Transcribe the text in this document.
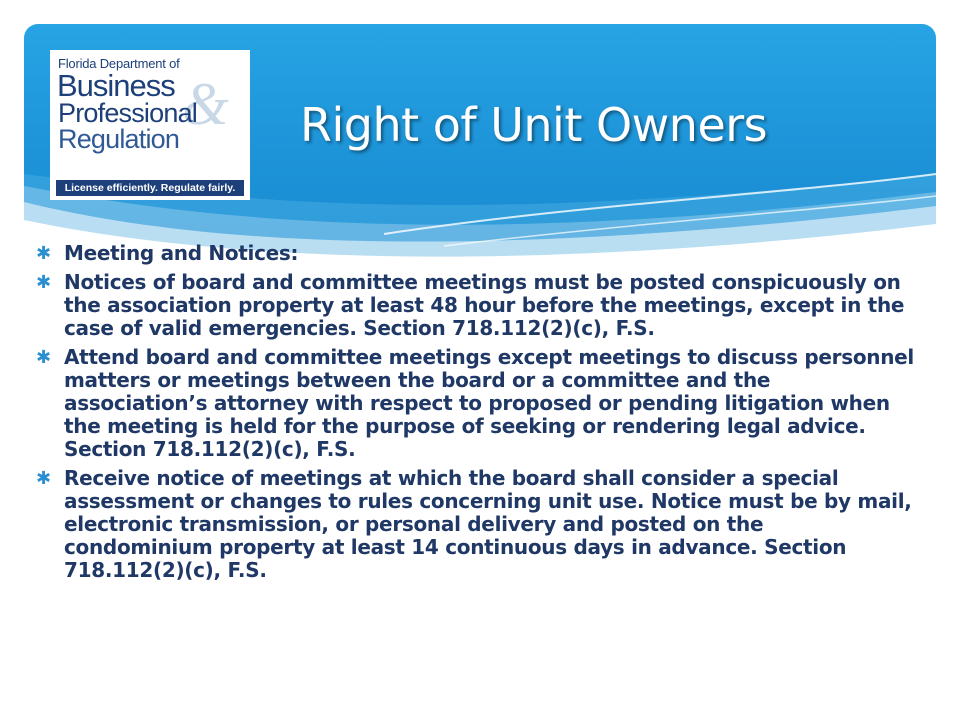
&
Florida Department of
Business
Professional
Regulation
License efficiently. Regulate fairly.
Right of Unit Owners
✱ Meeting and Notices:
✱ Notices of board and committee meetings must be posted conspicuously on the association property at least 48 hour before the meetings, except in the case of valid emergencies. Section 718.112(2)(c), F.S.
✱ Attend board and committee meetings except meetings to discuss personnel matters or meetings between the board or a committee and the association’s attorney with respect to proposed or pending litigation when the meeting is held for the purpose of seeking or rendering legal advice. Section 718.112(2)(c), F.S.
✱ Receive notice of meetings at which the board shall consider a special assessment or changes to rules concerning unit use. Notice must be by mail, electronic transmission, or personal delivery and posted on the condominium property at least 14 continuous days in advance. Section 718.112(2)(c), F.S.
